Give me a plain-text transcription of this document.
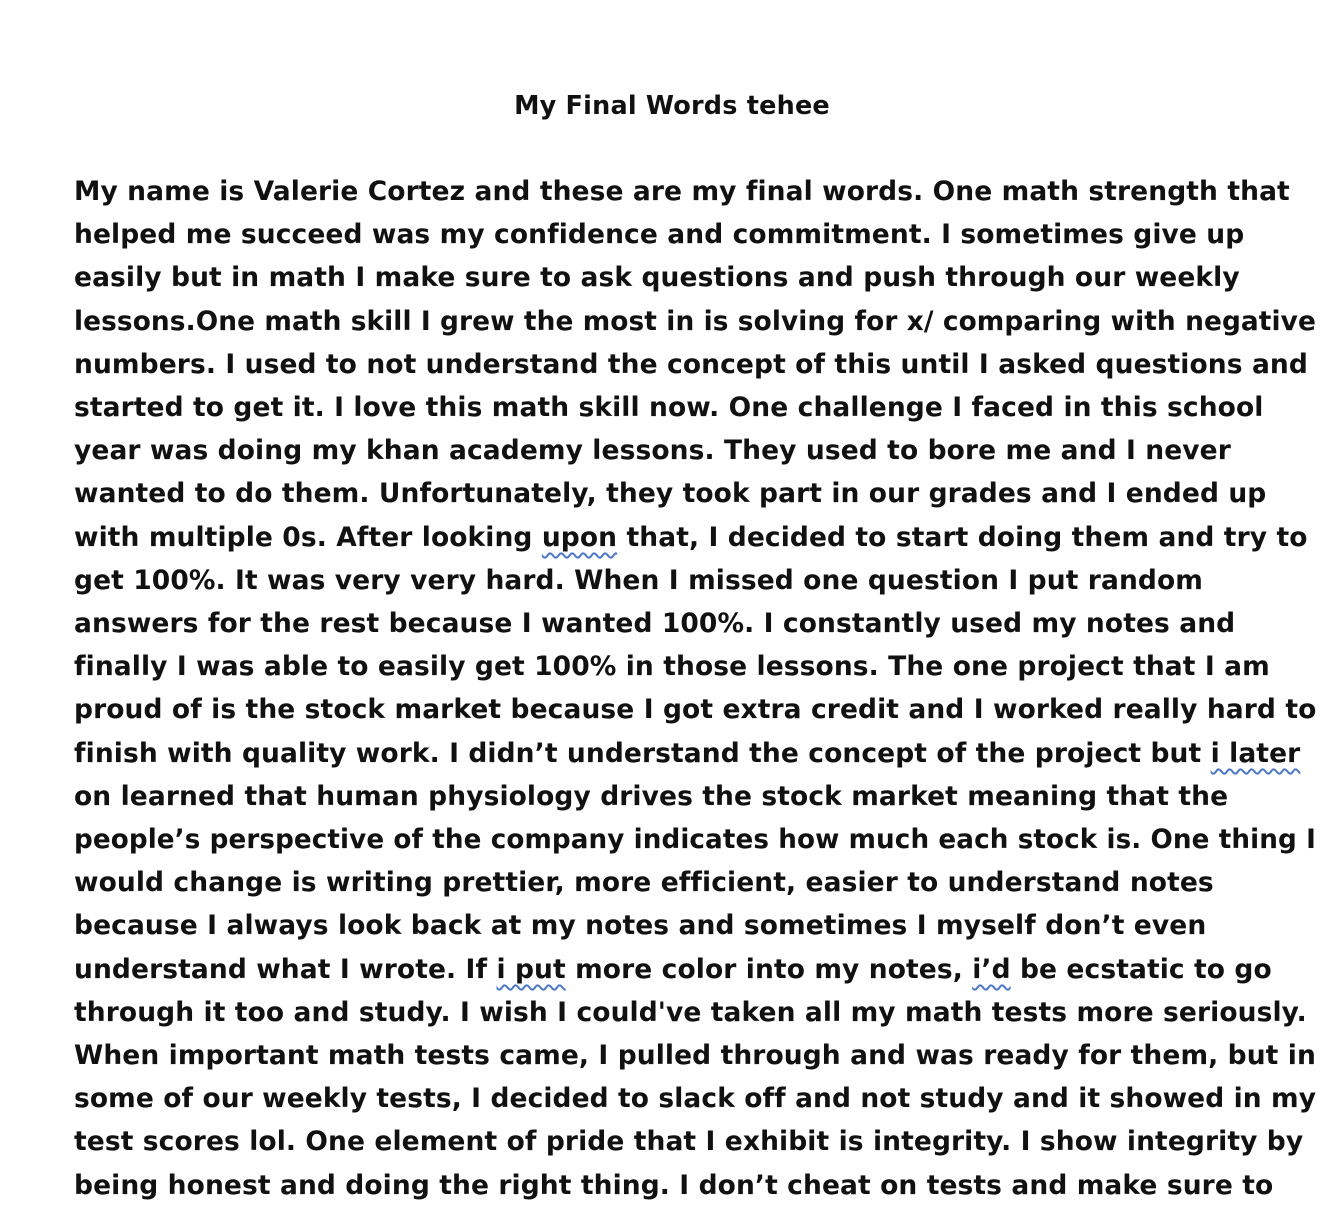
My Final Words tehee
My name is Valerie Cortez and these are my final words. One math strength that
helped me succeed was my confidence and commitment. I sometimes give up
easily but in math I make sure to ask questions and push through our weekly
lessons.One math skill I grew the most in is solving for x/ comparing with negative
numbers. I used to not understand the concept of this until I asked questions and
started to get it. I love this math skill now. One challenge I faced in this school
year was doing my khan academy lessons. They used to bore me and I never
wanted to do them. Unfortunately, they took part in our grades and I ended up
with multiple 0s. After looking upon that, I decided to start doing them and try to
get 100%. It was very very hard. When I missed one question I put random
answers for the rest because I wanted 100%. I constantly used my notes and
finally I was able to easily get 100% in those lessons. The one project that I am
proud of is the stock market because I got extra credit and I worked really hard to
finish with quality work. I didn’t understand the concept of the project but i later
on learned that human physiology drives the stock market meaning that the
people’s perspective of the company indicates how much each stock is. One thing I
would change is writing prettier, more efficient, easier to understand notes
because I always look back at my notes and sometimes I myself don’t even
understand what I wrote. If i put more color into my notes, i’d be ecstatic to go
through it too and study. I wish I could've taken all my math tests more seriously.
When important math tests came, I pulled through and was ready for them, but in
some of our weekly tests, I decided to slack off and not study and it showed in my
test scores lol. One element of pride that I exhibit is integrity. I show integrity by
being honest and doing the right thing. I don’t cheat on tests and make sure to
